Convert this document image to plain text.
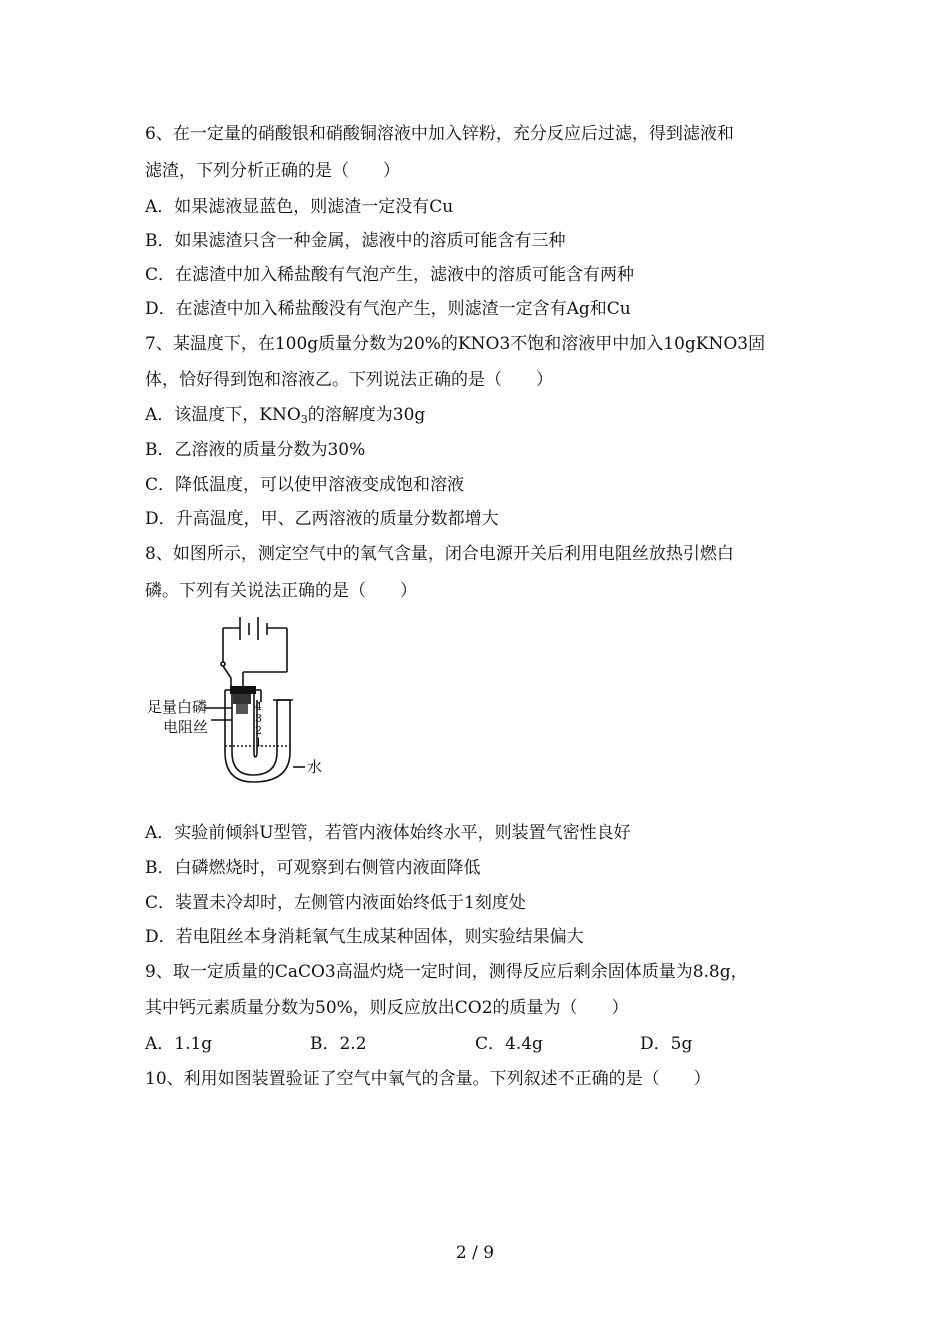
6、在一定量的硝酸银和硝酸铜溶液中加入锌粉，充分反应后过滤，得到滤液和

滤渣，下列分析正确的是（　　）

A．如果滤液显蓝色，则滤渣一定没有Cu

B．如果滤渣只含一种金属，滤液中的溶质可能含有三种

C．在滤渣中加入稀盐酸有气泡产生，滤液中的溶质可能含有两种

D．在滤渣中加入稀盐酸没有气泡产生，则滤渣一定含有Ag和Cu

7、某温度下，在100g质量分数为20%的KNO3不饱和溶液甲中加入10gKNO3固

体，恰好得到饱和溶液乙。下列说法正确的是（　　）

A．该温度下，$KNO_3$的溶解度为30g

B．乙溶液的质量分数为30%

C．降低温度，可以使甲溶液变成饱和溶液

D．升高温度，甲、乙两溶液的质量分数都增大

8、如图所示，测定空气中的氧气含量，闭合电源开关后利用电阻丝放热引燃白

磷。下列有关说法正确的是（　　）

4
3
2
1
足量白磷
电阻丝
水

A．实验前倾斜U型管，若管内液体始终水平，则装置气密性良好

B．白磷燃烧时，可观察到右侧管内液面降低

C．装置未冷却时，左侧管内液面始终低于1刻度处

D．若电阻丝本身消耗氧气生成某种固体，则实验结果偏大

9、取一定质量的CaCO3高温灼烧一定时间，测得反应后剩余固体质量为8.8g，

其中钙元素质量分数为50%，则反应放出CO2的质量为（　　）

A．1.1g	B．2.2	C．4.4g	D．5g

10、利用如图装置验证了空气中氧气的含量。下列叙述不正确的是（　　）

2 / 9
